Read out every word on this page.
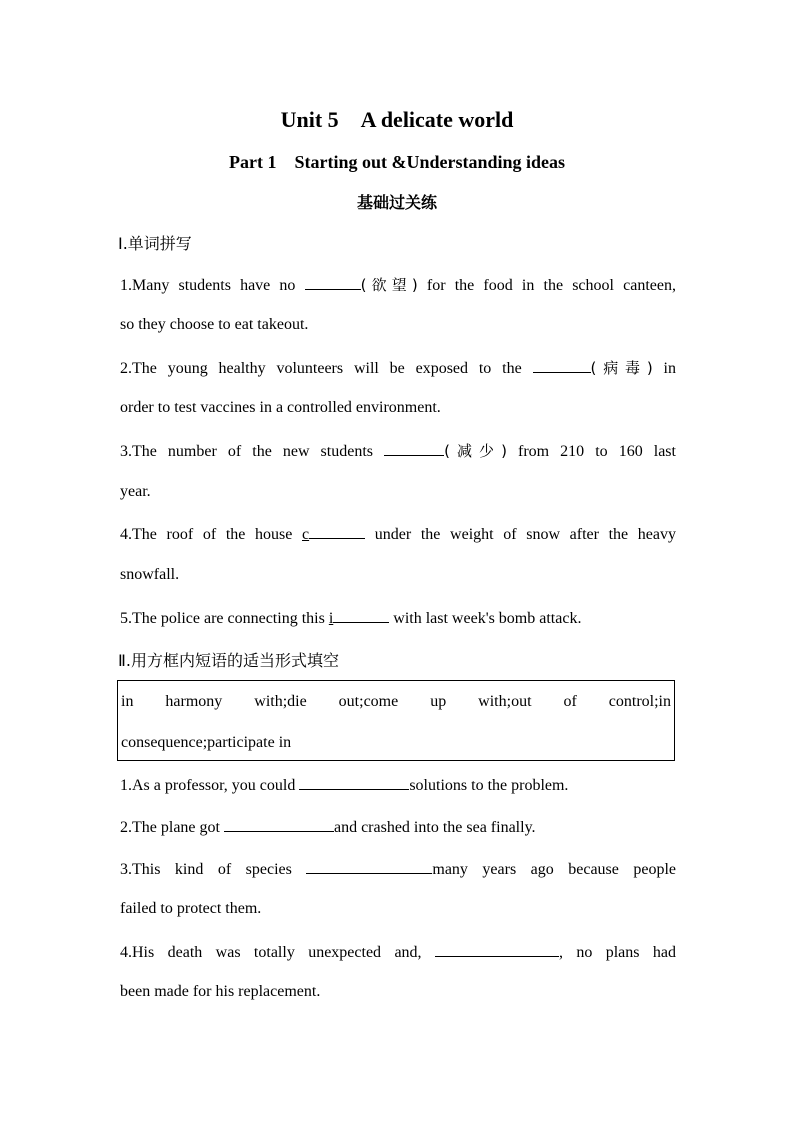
Unit 5　A delicate world
Part 1　Starting out &Understanding ideas
基础过关练
Ⅰ.单词拼写
1.Many students have no	(欲望) for the food in the school canteen,
so they choose to eat takeout.
2.The young healthy volunteers will be exposed to the	(病毒) in
order to test vaccines in a controlled environment.
3.The number of the new students	(减少) from 210 to 160 last
year.
4.The roof of the house c	under the weight of snow after the heavy
snowfall.
5.The police are connecting this i	with last week's bomb attack.
Ⅱ.用方框内短语的适当形式填空
in harmony with;die out;come up with;out of control;in
consequence;participate in
1.As a professor, you could	solutions to the problem.
2.The plane got	and crashed into the sea finally.
3.This kind of species	many years ago because people
failed to protect them.
4.His death was totally unexpected and,	, no plans had
been made for his replacement.
